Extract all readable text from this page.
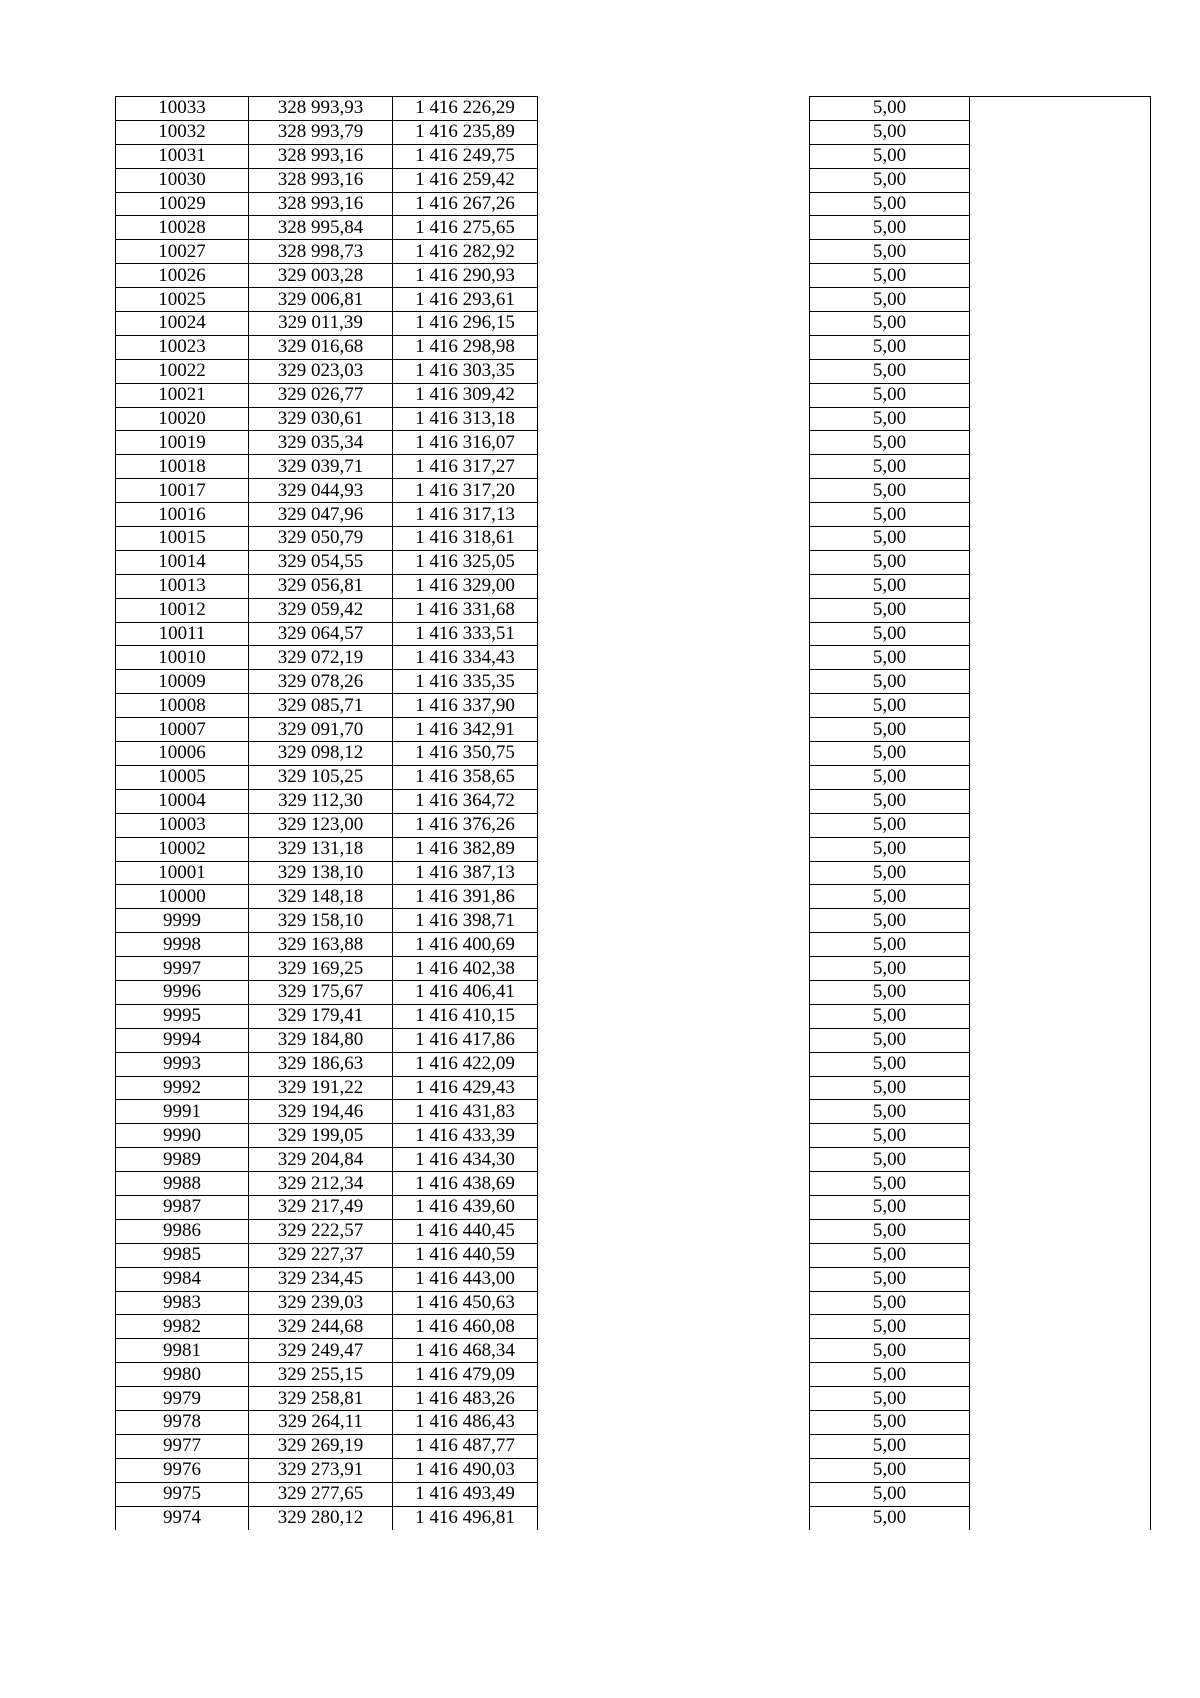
10033	328 993,93	1 416 226,29		5,00	
10032	328 993,79	1 416 235,89		5,00	
10031	328 993,16	1 416 249,75		5,00	
10030	328 993,16	1 416 259,42		5,00	
10029	328 993,16	1 416 267,26		5,00	
10028	328 995,84	1 416 275,65		5,00	
10027	328 998,73	1 416 282,92		5,00	
10026	329 003,28	1 416 290,93		5,00	
10025	329 006,81	1 416 293,61		5,00	
10024	329 011,39	1 416 296,15		5,00	
10023	329 016,68	1 416 298,98		5,00	
10022	329 023,03	1 416 303,35		5,00	
10021	329 026,77	1 416 309,42		5,00	
10020	329 030,61	1 416 313,18		5,00	
10019	329 035,34	1 416 316,07		5,00	
10018	329 039,71	1 416 317,27		5,00	
10017	329 044,93	1 416 317,20		5,00	
10016	329 047,96	1 416 317,13		5,00	
10015	329 050,79	1 416 318,61		5,00	
10014	329 054,55	1 416 325,05		5,00	
10013	329 056,81	1 416 329,00		5,00	
10012	329 059,42	1 416 331,68		5,00	
10011	329 064,57	1 416 333,51		5,00	
10010	329 072,19	1 416 334,43		5,00	
10009	329 078,26	1 416 335,35		5,00	
10008	329 085,71	1 416 337,90		5,00	
10007	329 091,70	1 416 342,91		5,00	
10006	329 098,12	1 416 350,75		5,00	
10005	329 105,25	1 416 358,65		5,00	
10004	329 112,30	1 416 364,72		5,00	
10003	329 123,00	1 416 376,26		5,00	
10002	329 131,18	1 416 382,89		5,00	
10001	329 138,10	1 416 387,13		5,00	
10000	329 148,18	1 416 391,86		5,00	
9999	329 158,10	1 416 398,71		5,00	
9998	329 163,88	1 416 400,69		5,00	
9997	329 169,25	1 416 402,38		5,00	
9996	329 175,67	1 416 406,41		5,00	
9995	329 179,41	1 416 410,15		5,00	
9994	329 184,80	1 416 417,86		5,00	
9993	329 186,63	1 416 422,09		5,00	
9992	329 191,22	1 416 429,43		5,00	
9991	329 194,46	1 416 431,83		5,00	
9990	329 199,05	1 416 433,39		5,00	
9989	329 204,84	1 416 434,30		5,00	
9988	329 212,34	1 416 438,69		5,00	
9987	329 217,49	1 416 439,60		5,00	
9986	329 222,57	1 416 440,45		5,00	
9985	329 227,37	1 416 440,59		5,00	
9984	329 234,45	1 416 443,00		5,00	
9983	329 239,03	1 416 450,63		5,00	
9982	329 244,68	1 416 460,08		5,00	
9981	329 249,47	1 416 468,34		5,00	
9980	329 255,15	1 416 479,09		5,00	
9979	329 258,81	1 416 483,26		5,00	
9978	329 264,11	1 416 486,43		5,00	
9977	329 269,19	1 416 487,77		5,00	
9976	329 273,91	1 416 490,03		5,00	
9975	329 277,65	1 416 493,49		5,00	
9974	329 280,12	1 416 496,81		5,00	
